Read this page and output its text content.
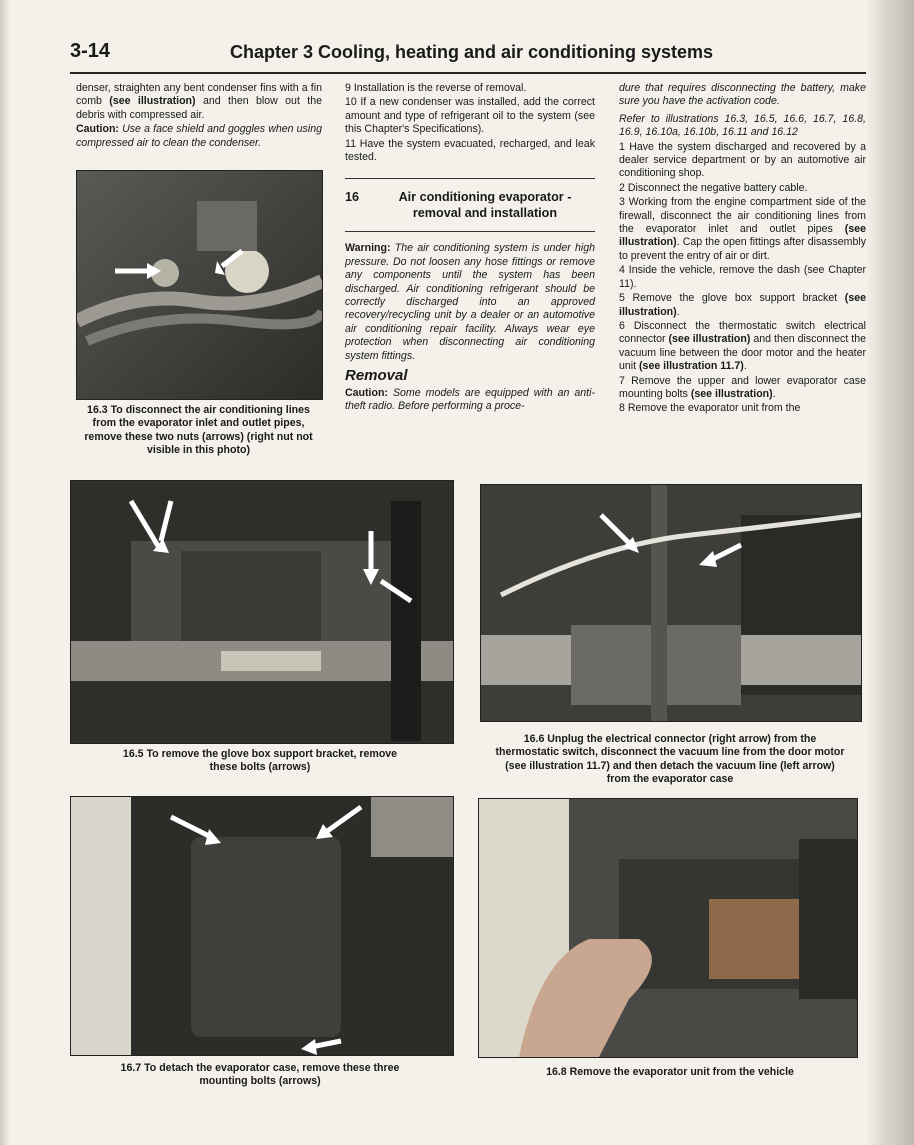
3-14	Chapter 3 Cooling, heating and air conditioning systems

denser, straighten any bent condenser fins with a fin comb (see illustration) and then blow out the debris with compressed air.

Caution: Use a face shield and goggles when using compressed air to clean the condenser.

9 Installation is the reverse of removal.

10 If a new condenser was installed, add the correct amount and type of refrigerant oil to the system (see this Chapter's Specifications).

11 Have the system evacuated, recharged, and leak tested.

16	Air conditioning evaporator - removal and installation

Warning: The air conditioning system is under high pressure. Do not loosen any hose fittings or remove any components until the system has been discharged. Air conditioning refrigerant should be correctly discharged into an approved recovery/recycling unit by a dealer or an automotive air conditioning repair facility. Always wear eye protection when disconnecting air conditioning system fittings.

Removal

Caution: Some models are equipped with an anti-theft radio. Before performing a proce-

dure that requires disconnecting the battery, make sure you have the activation code.

Refer to illustrations 16.3, 16.5, 16.6, 16.7, 16.8, 16.9, 16.10a, 16.10b, 16.11 and 16.12

1 Have the system discharged and recovered by a dealer service department or by an automotive air conditioning shop.

2 Disconnect the negative battery cable.

3 Working from the engine compartment side of the firewall, disconnect the air conditioning lines from the evaporator inlet and outlet pipes (see illustration). Cap the open fittings after disassembly to prevent the entry of air or dirt.

4 Inside the vehicle, remove the dash (see Chapter 11).

5 Remove the glove box support bracket (see illustration).

6 Disconnect the thermostatic switch electrical connector (see illustration) and then disconnect the vacuum line between the door motor and the heater unit (see illustration 11.7).

7 Remove the upper and lower evaporator case mounting bolts (see illustration).

8 Remove the evaporator unit from the

16.3 To disconnect the air conditioning lines from the evaporator inlet and outlet pipes, remove these two nuts (arrows) (right nut not visible in this photo)
16.5 To remove the glove box support bracket, remove these bolts (arrows)
16.6 Unplug the electrical connector (right arrow) from the thermostatic switch, disconnect the vacuum line from the door motor (see illustration 11.7) and then detach the vacuum line (left arrow) from the evaporator case
16.7 To detach the evaporator case, remove these three mounting bolts (arrows)
16.8 Remove the evaporator unit from the vehicle
